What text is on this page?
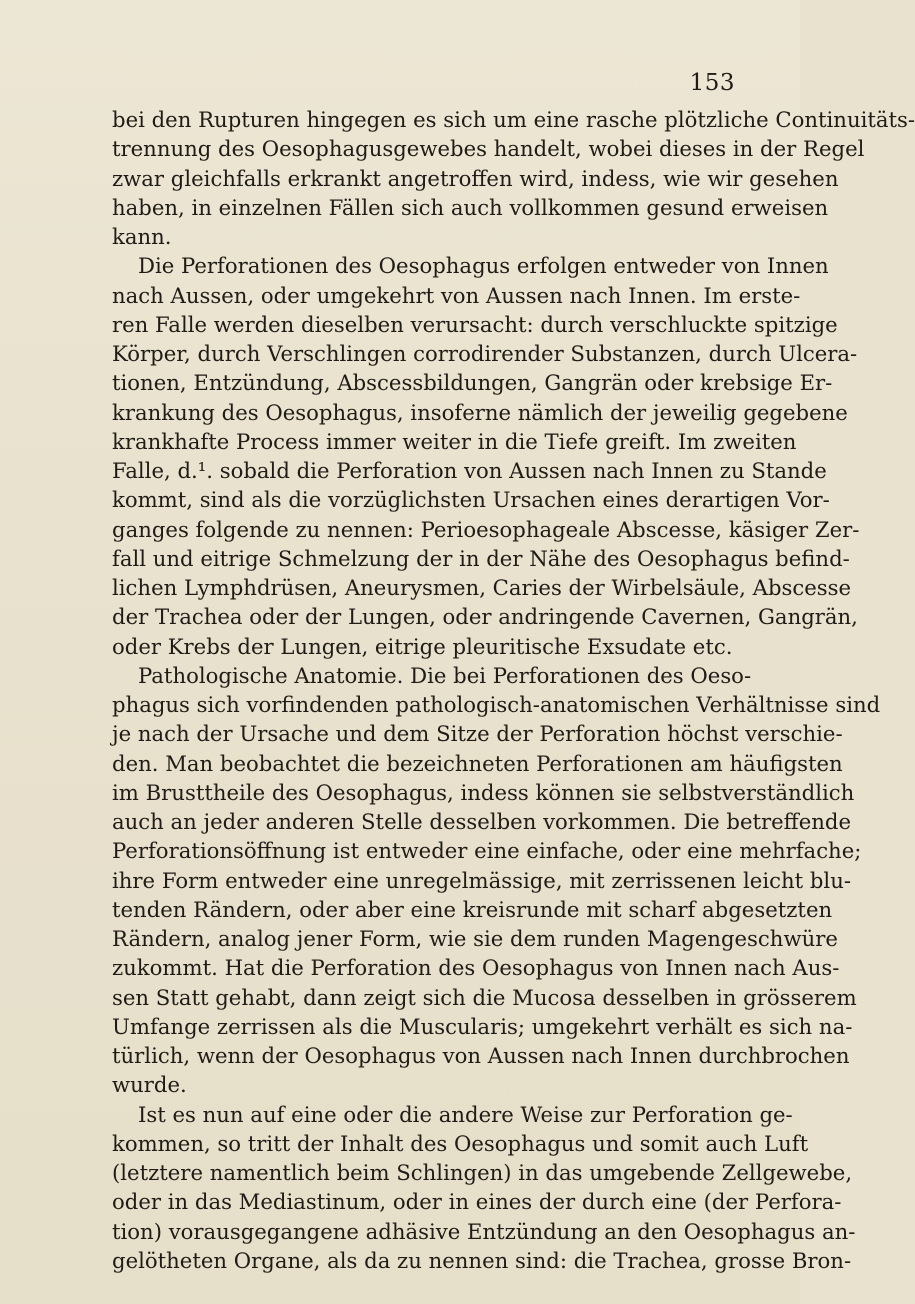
153
bei den Rupturen hingegen es sich um eine rasche plötzliche Continuitäts-
trennung des Oesophagusgewebes handelt, wobei dieses in der Regel
zwar gleichfalls erkrankt angetroffen wird, indess, wie wir gesehen
haben, in einzelnen Fällen sich auch vollkommen gesund erweisen
kann.
Die Perforationen des Oesophagus erfolgen entweder von Innen
nach Aussen, oder umgekehrt von Aussen nach Innen. Im erste-
ren Falle werden dieselben verursacht: durch verschluckte spitzige
Körper, durch Verschlingen corrodirender Substanzen, durch Ulcera-
tionen, Entzündung, Abscessbildungen, Gangrän oder krebsige Er-
krankung des Oesophagus, insoferne nämlich der jeweilig gegebene
krankhafte Process immer weiter in die Tiefe greift. Im zweiten
Falle, d.¹. sobald die Perforation von Aussen nach Innen zu Stande
kommt, sind als die vorzüglichsten Ursachen eines derartigen Vor-
ganges folgende zu nennen: Perioesophageale Abscesse, käsiger Zer-
fall und eitrige Schmelzung der in der Nähe des Oesophagus befind-
lichen Lymphdrüsen, Aneurysmen, Caries der Wirbelsäule, Abscesse
der Trachea oder der Lungen, oder andringende Cavernen, Gangrän,
oder Krebs der Lungen, eitrige pleuritische Exsudate etc.
Pathologische Anatomie. Die bei Perforationen des Oeso-
phagus sich vorfindenden pathologisch-anatomischen Verhältnisse sind
je nach der Ursache und dem Sitze der Perforation höchst verschie-
den. Man beobachtet die bezeichneten Perforationen am häufigsten
im Brusttheile des Oesophagus, indess können sie selbstverständlich
auch an jeder anderen Stelle desselben vorkommen. Die betreffende
Perforationsöffnung ist entweder eine einfache, oder eine mehrfache;
ihre Form entweder eine unregelmässige, mit zerrissenen leicht blu-
tenden Rändern, oder aber eine kreisrunde mit scharf abgesetzten
Rändern, analog jener Form, wie sie dem runden Magengeschwüre
zukommt. Hat die Perforation des Oesophagus von Innen nach Aus-
sen Statt gehabt, dann zeigt sich die Mucosa desselben in grösserem
Umfange zerrissen als die Muscularis; umgekehrt verhält es sich na-
türlich, wenn der Oesophagus von Aussen nach Innen durchbrochen
wurde.
Ist es nun auf eine oder die andere Weise zur Perforation ge-
kommen, so tritt der Inhalt des Oesophagus und somit auch Luft
(letztere namentlich beim Schlingen) in das umgebende Zellgewebe,
oder in das Mediastinum, oder in eines der durch eine (der Perfora-
tion) vorausgegangene adhäsive Entzündung an den Oesophagus an-
gelötheten Organe, als da zu nennen sind: die Trachea, grosse Bron-
